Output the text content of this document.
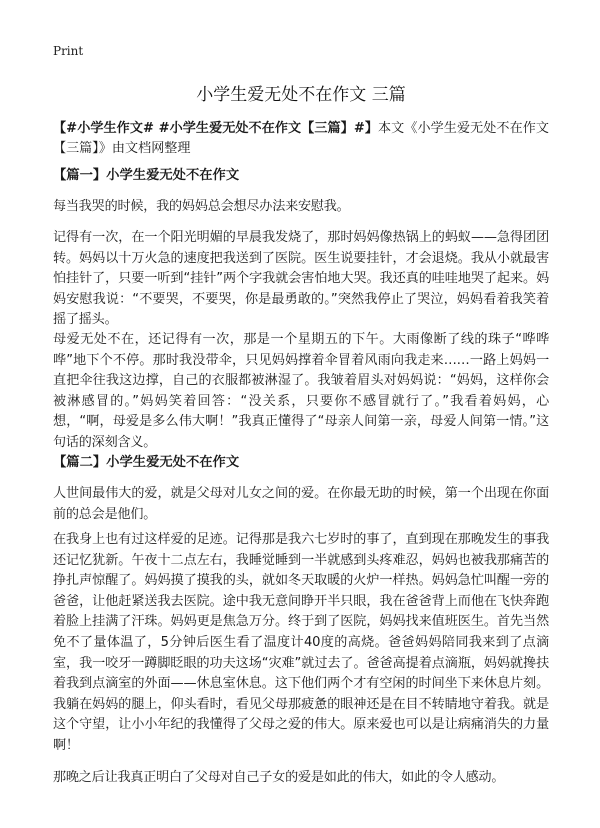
Print
小学生爱无处不在作文 三篇
【#小学生作文# #小学生爱无处不在作文【三篇】#】本文《小学生爱无处不在作文【三篇】》由文档网整理
【篇一】小学生爱无处不在作文

每当我哭的时候，我的妈妈总会想尽办法来安慰我。

记得有一次，在一个阳光明媚的早晨我发烧了，那时妈妈像热锅上的蚂蚁——急得团团转。妈妈以十万火急的速度把我送到了医院。医生说要挂针，才会退烧。我从小就最害怕挂针了，只要一听到“挂针”两个字我就会害怕地大哭。我还真的哇哇地哭了起来。妈妈安慰我说：“不要哭，不要哭，你是最勇敢的。”突然我停止了哭泣，妈妈看着我笑着摇了摇头。

母爱无处不在，还记得有一次，那是一个星期五的下午。大雨像断了线的珠子“哗哗哗”地下个不停。那时我没带伞，只见妈妈撑着伞冒着风雨向我走来……一路上妈妈一直把伞往我这边撑，自己的衣服都被淋湿了。我皱着眉头对妈妈说：“妈妈，这样你会被淋感冒的。”妈妈笑着回答：“没关系，只要你不感冒就行了。”我看着妈妈，心想，“啊，母爱是多么伟大啊！”我真正懂得了“母亲人间第一亲，母爱人间第一情。”这句话的深刻含义。

【篇二】小学生爱无处不在作文

人世间最伟大的爱，就是父母对儿女之间的爱。在你最无助的时候，第一个出现在你面前的总会是他们。

在我身上也有过这样爱的足迹。记得那是我六七岁时的事了，直到现在那晚发生的事我还记忆犹新。午夜十二点左右，我睡觉睡到一半就感到头疼难忍，妈妈也被我那痛苦的挣扎声惊醒了。妈妈摸了摸我的头，就如冬天取暖的火炉一样热。妈妈急忙叫醒一旁的爸爸，让他赶紧送我去医院。途中我无意间睁开半只眼，我在爸爸背上而他在飞快奔跑着脸上挂满了汗珠。妈妈更是焦急万分。终于到了医院，妈妈找来值班医生。首先当然免不了量体温了，5分钟后医生看了温度计40度的高烧。爸爸妈妈陪同我来到了点滴室，我一咬牙一蹲脚眨眼的功夫这场“灾难”就过去了。爸爸高提着点滴瓶，妈妈就搀扶着我到点滴室的外面——休息室休息。这下他们两个才有空闲的时间坐下来休息片刻。我躺在妈妈的腿上，仰头看时，看见父母那疲惫的眼神还是在目不转睛地守着我。就是这个守望，让小小年纪的我懂得了父母之爱的伟大。原来爱也可以是让病痛消失的力量啊！

那晚之后让我真正明白了父母对自己子女的爱是如此的伟大，如此的令人感动。
